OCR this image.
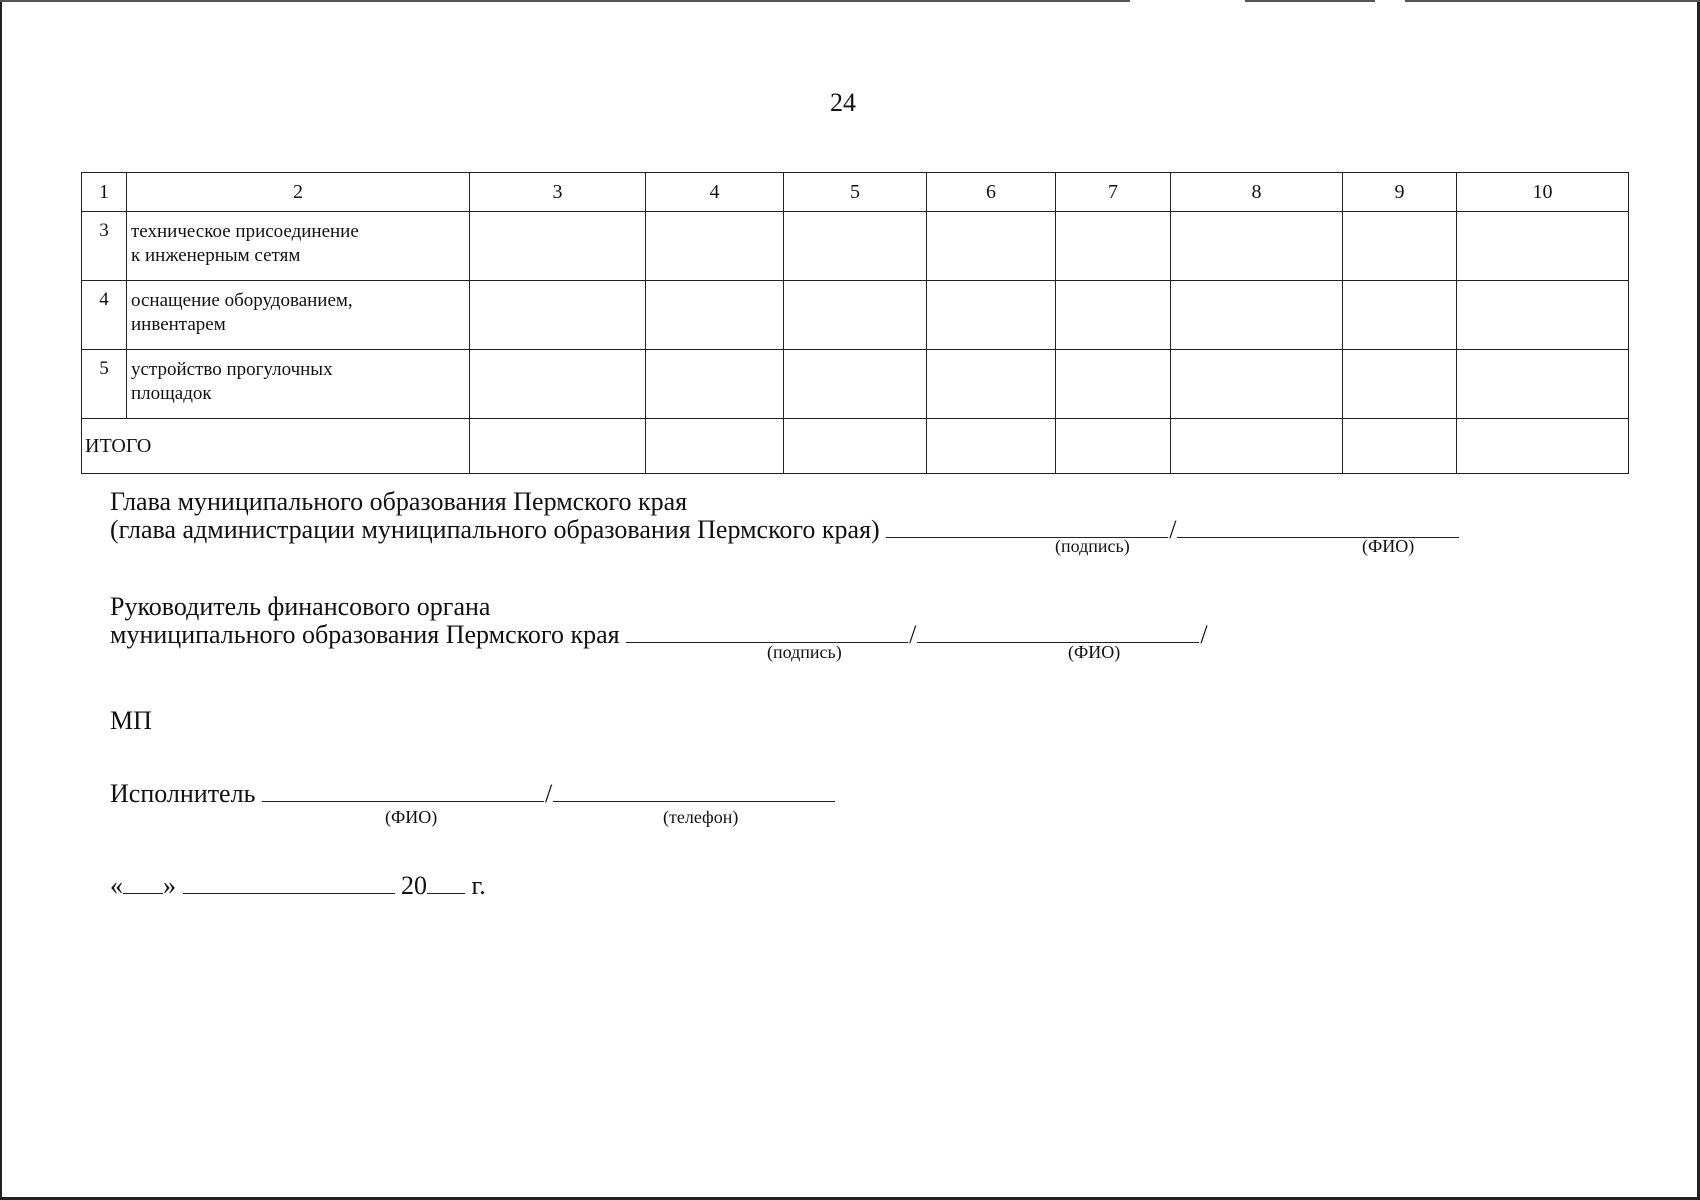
24
1	2	3	4	5	6	7	8	9	10
3	техническое присоединение
к инженерным сетям								

4	оснащение оборудованием,
инвентарем								

5	устройство прогулочных
площадок								

ИТОГО									
Глава муниципального образования Пермского края
(глава администрации муниципального образования Пермского края)	/
(подпись)	(ФИО)
Руководитель финансового органа
муниципального образования Пермского края	/	/
(подпись)	(ФИО)
МП
Исполнитель	/
(ФИО)	(телефон)
« »	20 г.
